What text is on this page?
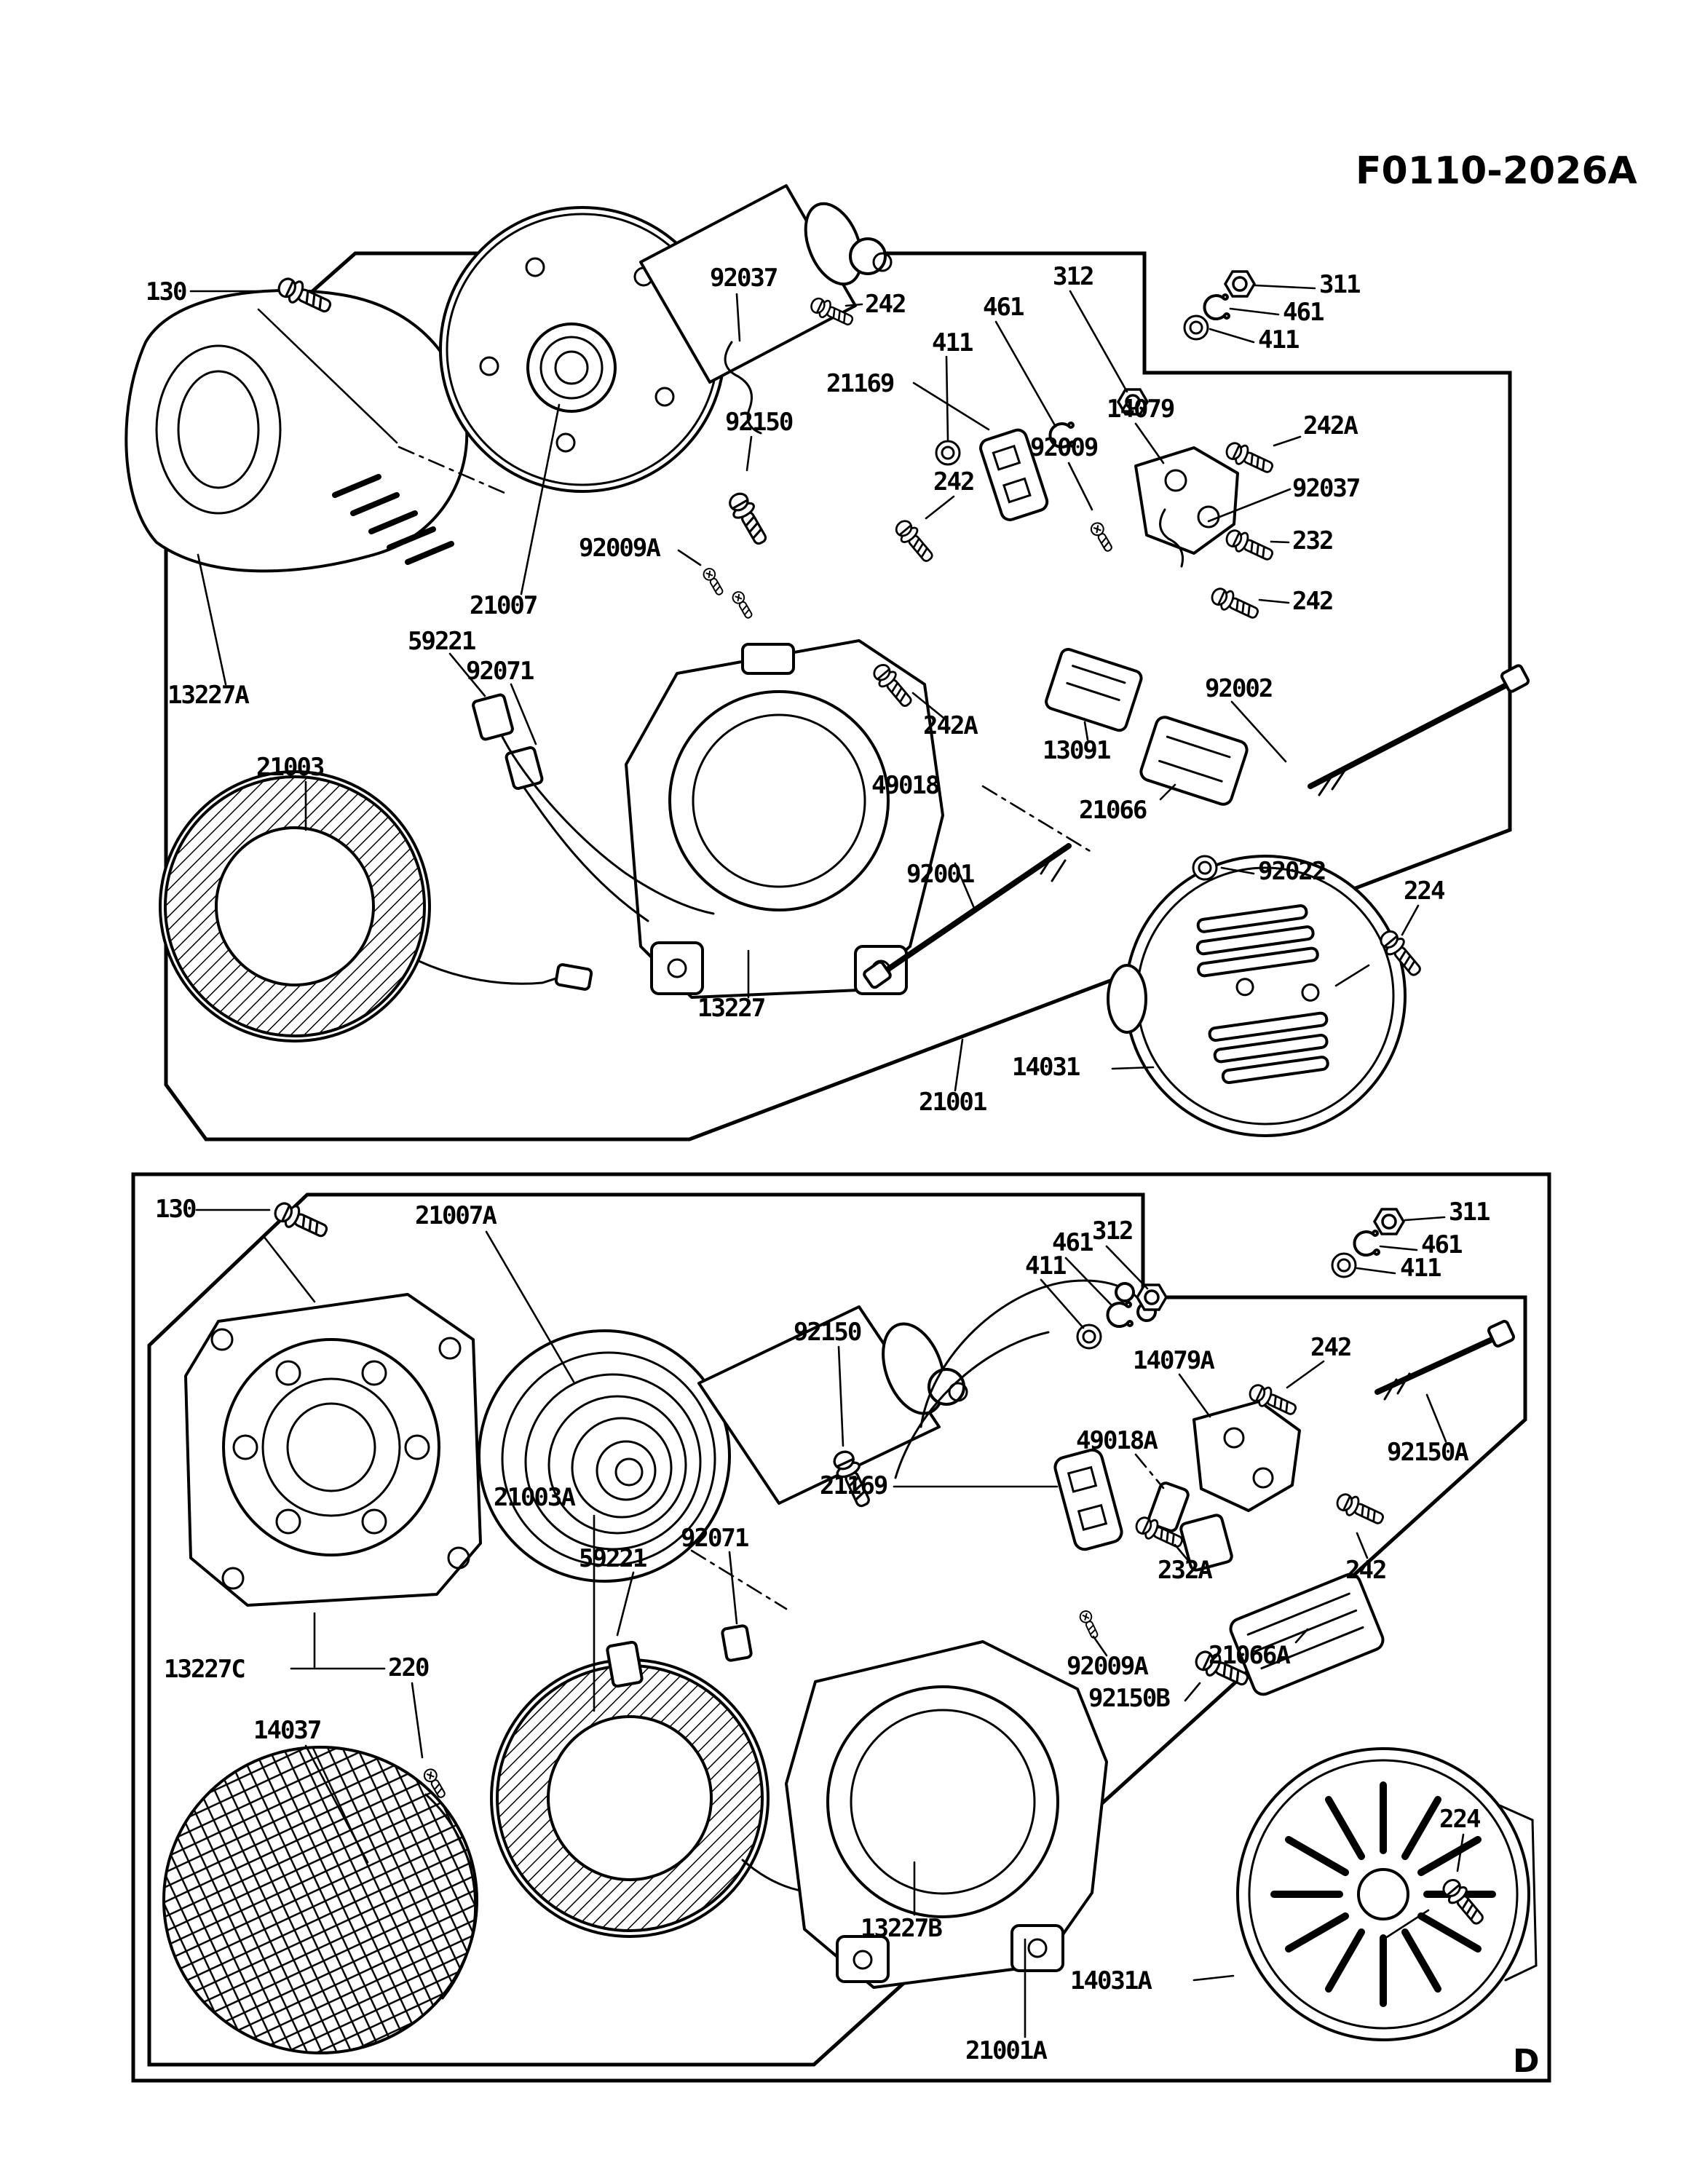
F0110-2026A
130	92037
242	461
411
312
21169
92150	14079
92009
242
311
461
411
242A
92037
232
242
92002
92009A
21007
59221
92071
13227A
21003
242A
13091
49018
21066
92001	92022
13227
14031
21001
224
130	21007A
312
461
411
311
461
411
92150
242
14079A
49018A
21169
92150A
21003A
92071
59221	232A	242
13227C	220
14037
92009A
92150B
21066A
13227B
14031A
21001A
224
D
